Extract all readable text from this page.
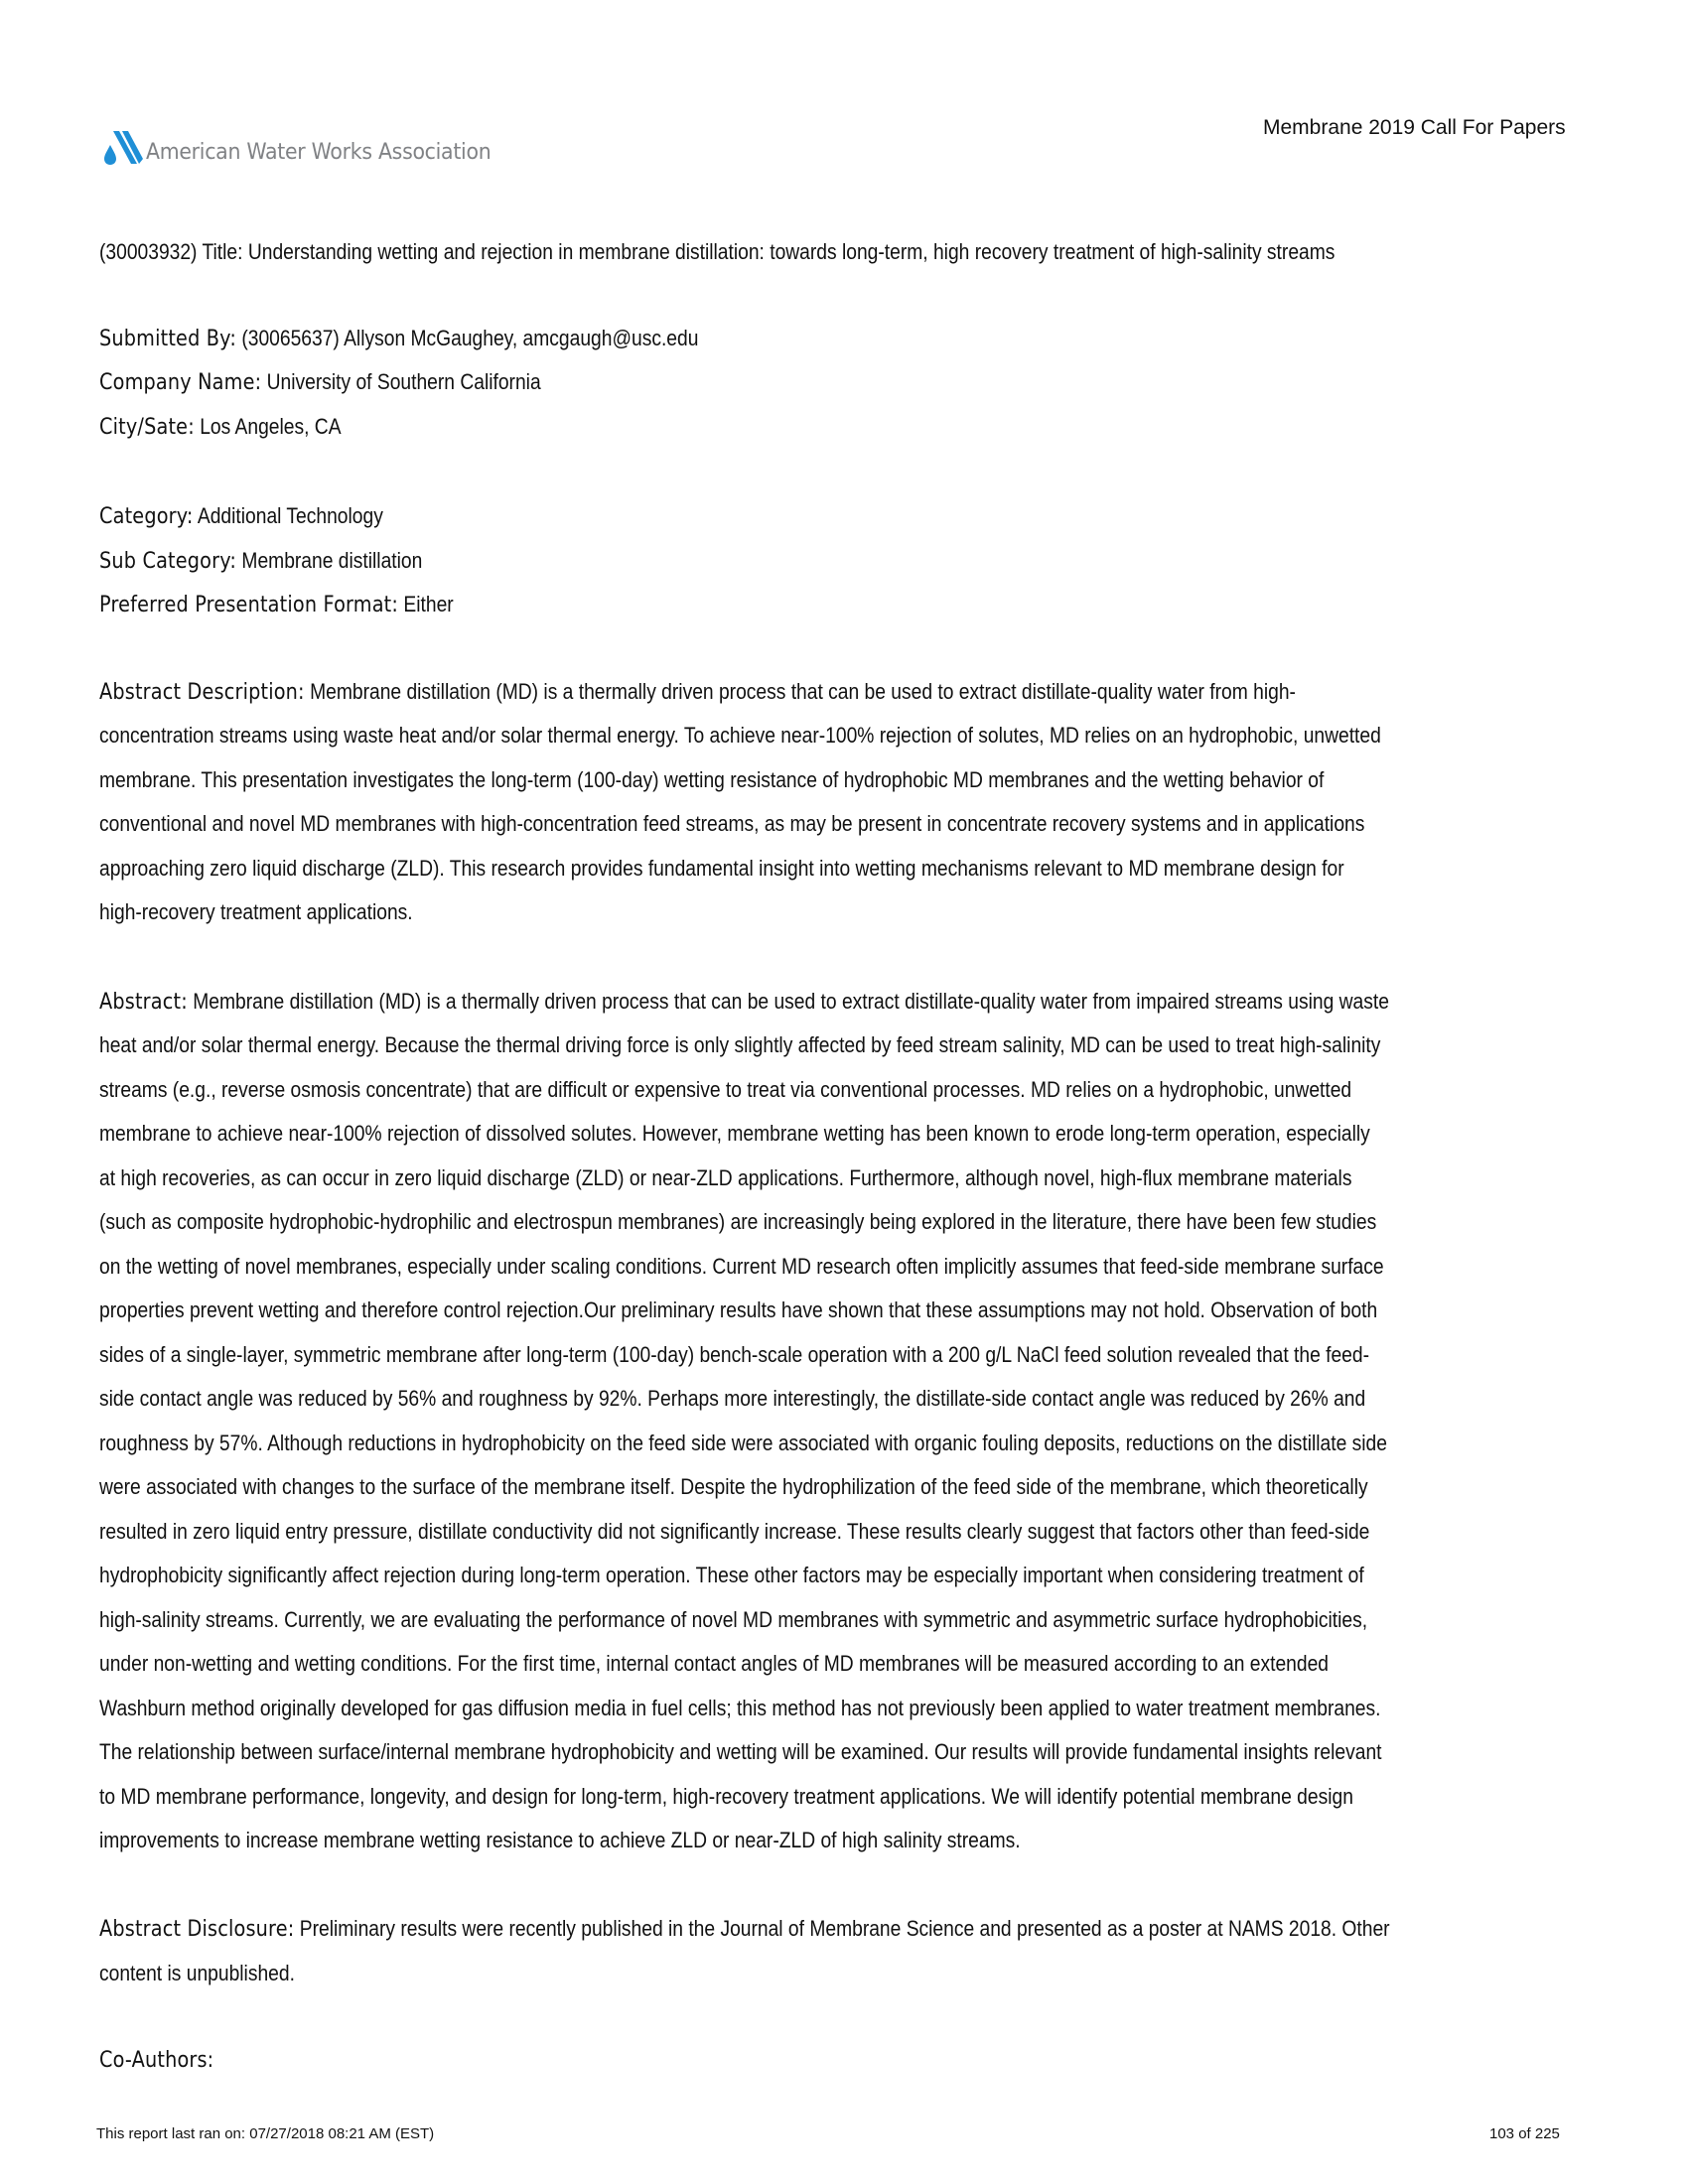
American Water Works Association
Membrane 2019 Call For Papers
(30003932) Title: Understanding wetting and rejection in membrane distillation: towards long-term, high recovery treatment of high-salinity streams
Submitted By: (30065637) Allyson McGaughey, amcgaugh@usc.edu
Company Name: University of Southern California
City/Sate: Los Angeles, CA
Category: Additional Technology
Sub Category: Membrane distillation
Preferred Presentation Format: Either
Abstract Description: Membrane distillation (MD) is a thermally driven process that can be used to extract distillate-quality water from high-
concentration streams using waste heat and/or solar thermal energy. To achieve near-100% rejection of solutes, MD relies on an hydrophobic, unwetted
membrane. This presentation investigates the long-term (100-day) wetting resistance of hydrophobic MD membranes and the wetting behavior of
conventional and novel MD membranes with high-concentration feed streams, as may be present in concentrate recovery systems and in applications
approaching zero liquid discharge (ZLD). This research provides fundamental insight into wetting mechanisms relevant to MD membrane design for
high-recovery treatment applications.
Abstract: Membrane distillation (MD) is a thermally driven process that can be used to extract distillate-quality water from impaired streams using waste
heat and/or solar thermal energy. Because the thermal driving force is only slightly affected by feed stream salinity, MD can be used to treat high-salinity
streams (e.g., reverse osmosis concentrate) that are difficult or expensive to treat via conventional processes. MD relies on a hydrophobic, unwetted
membrane to achieve near-100% rejection of dissolved solutes. However, membrane wetting has been known to erode long-term operation, especially
at high recoveries, as can occur in zero liquid discharge (ZLD) or near-ZLD applications. Furthermore, although novel, high-flux membrane materials
(such as composite hydrophobic-hydrophilic and electrospun membranes) are increasingly being explored in the literature, there have been few studies
on the wetting of novel membranes, especially under scaling conditions. Current MD research often implicitly assumes that feed-side membrane surface
properties prevent wetting and therefore control rejection.Our preliminary results have shown that these assumptions may not hold. Observation of both
sides of a single-layer, symmetric membrane after long-term (100-day) bench-scale operation with a 200 g/L NaCl feed solution revealed that the feed-
side contact angle was reduced by 56% and roughness by 92%. Perhaps more interestingly, the distillate-side contact angle was reduced by 26% and
roughness by 57%. Although reductions in hydrophobicity on the feed side were associated with organic fouling deposits, reductions on the distillate side
were associated with changes to the surface of the membrane itself. Despite the hydrophilization of the feed side of the membrane, which theoretically
resulted in zero liquid entry pressure, distillate conductivity did not significantly increase. These results clearly suggest that factors other than feed-side
hydrophobicity significantly affect rejection during long-term operation. These other factors may be especially important when considering treatment of
high-salinity streams. Currently, we are evaluating the performance of novel MD membranes with symmetric and asymmetric surface hydrophobicities,
under non-wetting and wetting conditions. For the first time, internal contact angles of MD membranes will be measured according to an extended
Washburn method originally developed for gas diffusion media in fuel cells; this method has not previously been applied to water treatment membranes.
The relationship between surface/internal membrane hydrophobicity and wetting will be examined. Our results will provide fundamental insights relevant
to MD membrane performance, longevity, and design for long-term, high-recovery treatment applications. We will identify potential membrane design
improvements to increase membrane wetting resistance to achieve ZLD or near-ZLD of high salinity streams.
Abstract Disclosure: Preliminary results were recently published in the Journal of Membrane Science and presented as a poster at NAMS 2018. Other
content is unpublished.
Co-Authors:
This report last ran on: 07/27/2018 08:21 AM (EST)	103 of 225
